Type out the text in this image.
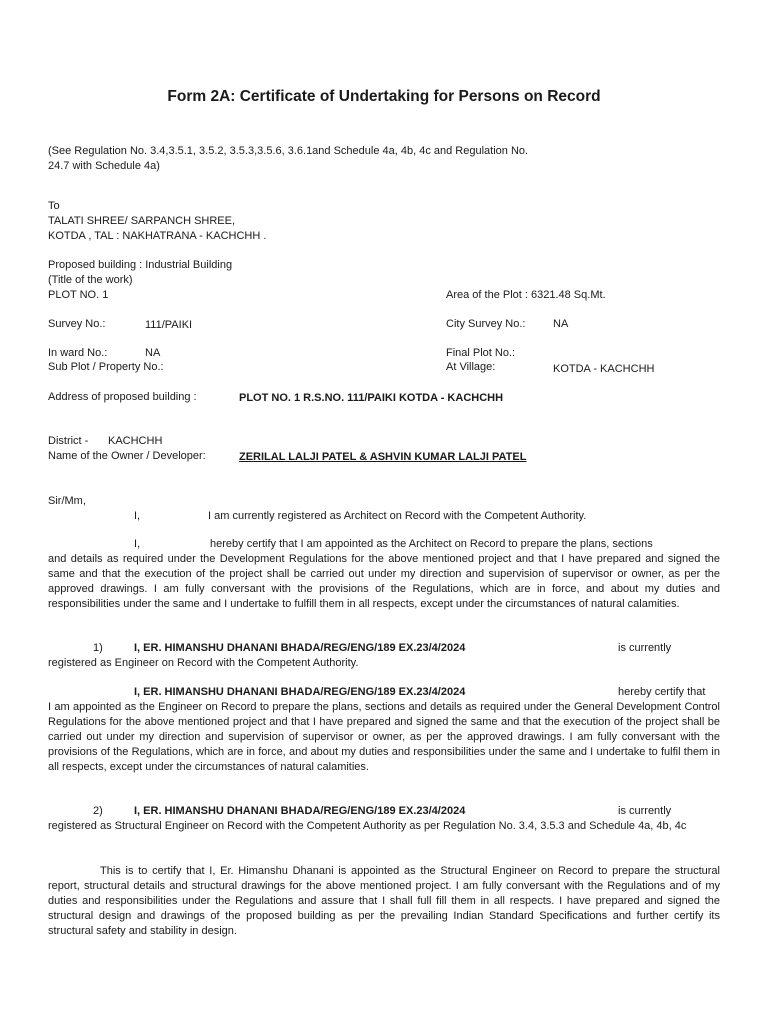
Form 2A: Certificate of Undertaking for Persons on Record
(See Regulation No. 3.4,3.5.1, 3.5.2, 3.5.3,3.5.6, 3.6.1and Schedule 4a, 4b, 4c and Regulation No.
24.7 with Schedule 4a)
To
TALATI SHREE/ SARPANCH SHREE,
KOTDA , TAL : NAKHATRANA - KACHCHH .
Proposed building : Industrial Building
(Title of the work)
PLOT NO. 1	Area of the Plot : 6321.48 Sq.Mt.
Survey No.:	111/PAIKI	City Survey No.:	NA
In ward No.:	NA	Final Plot No.:
Sub Plot / Property No.:	At Village:	KOTDA - KACHCHH
Address of proposed building :	PLOT NO. 1 R.S.NO. 111/PAIKI KOTDA - KACHCHH
District - KACHCHH
Name of the Owner / Developer:	ZERILAL LALJI PATEL & ASHVIN KUMAR LALJI PATEL
Sir/Mm,
I,	I am currently registered as Architect on Record with the Competent Authority.
I,	hereby certify that I am appointed as the Architect on Record to prepare the plans, sections
and details as required under the Development Regulations for the above mentioned project and that I have prepared and signed the same and that the execution of the project shall be carried out under my direction and supervision of supervisor or owner, as per the approved drawings. I am fully conversant with the provisions of the Regulations, which are in force, and about my duties and responsibilities under the same and I undertake to fulfill them in all respects, except under the circumstances of natural calamities.
1)	I, ER. HIMANSHU DHANANI BHADA/REG/ENG/189 EX.23/4/2024	is currently
registered as Engineer on Record with the Competent Authority.
I, ER. HIMANSHU DHANANI BHADA/REG/ENG/189 EX.23/4/2024	hereby certify that
I am appointed as the Engineer on Record to prepare the plans, sections and details as required under the General Development Control Regulations for the above mentioned project and that I have prepared and signed the same and that the execution of the project shall be carried out under my direction and supervision of supervisor or owner, as per the approved drawings. I am fully conversant with the provisions of the Regulations, which are in force, and about my duties and responsibilities under the same and I undertake to fulfil them in all respects, except under the circumstances of natural calamities.
2)	I, ER. HIMANSHU DHANANI BHADA/REG/ENG/189 EX.23/4/2024	is currently
registered as Structural Engineer on Record with the Competent Authority as per Regulation No. 3.4, 3.5.3 and Schedule 4a, 4b, 4c
This is to certify that I, Er. Himanshu Dhanani is appointed as the Structural Engineer on Record to prepare the structural report, structural details and structural drawings for the above mentioned project. I am fully conversant with the Regulations and of my duties and responsibilities under the Regulations and assure that I shall full fill them in all respects. I have prepared and signed the structural design and drawings of the proposed building as per the prevailing Indian Standard Specifications and further certify its structural safety and stability in design.
